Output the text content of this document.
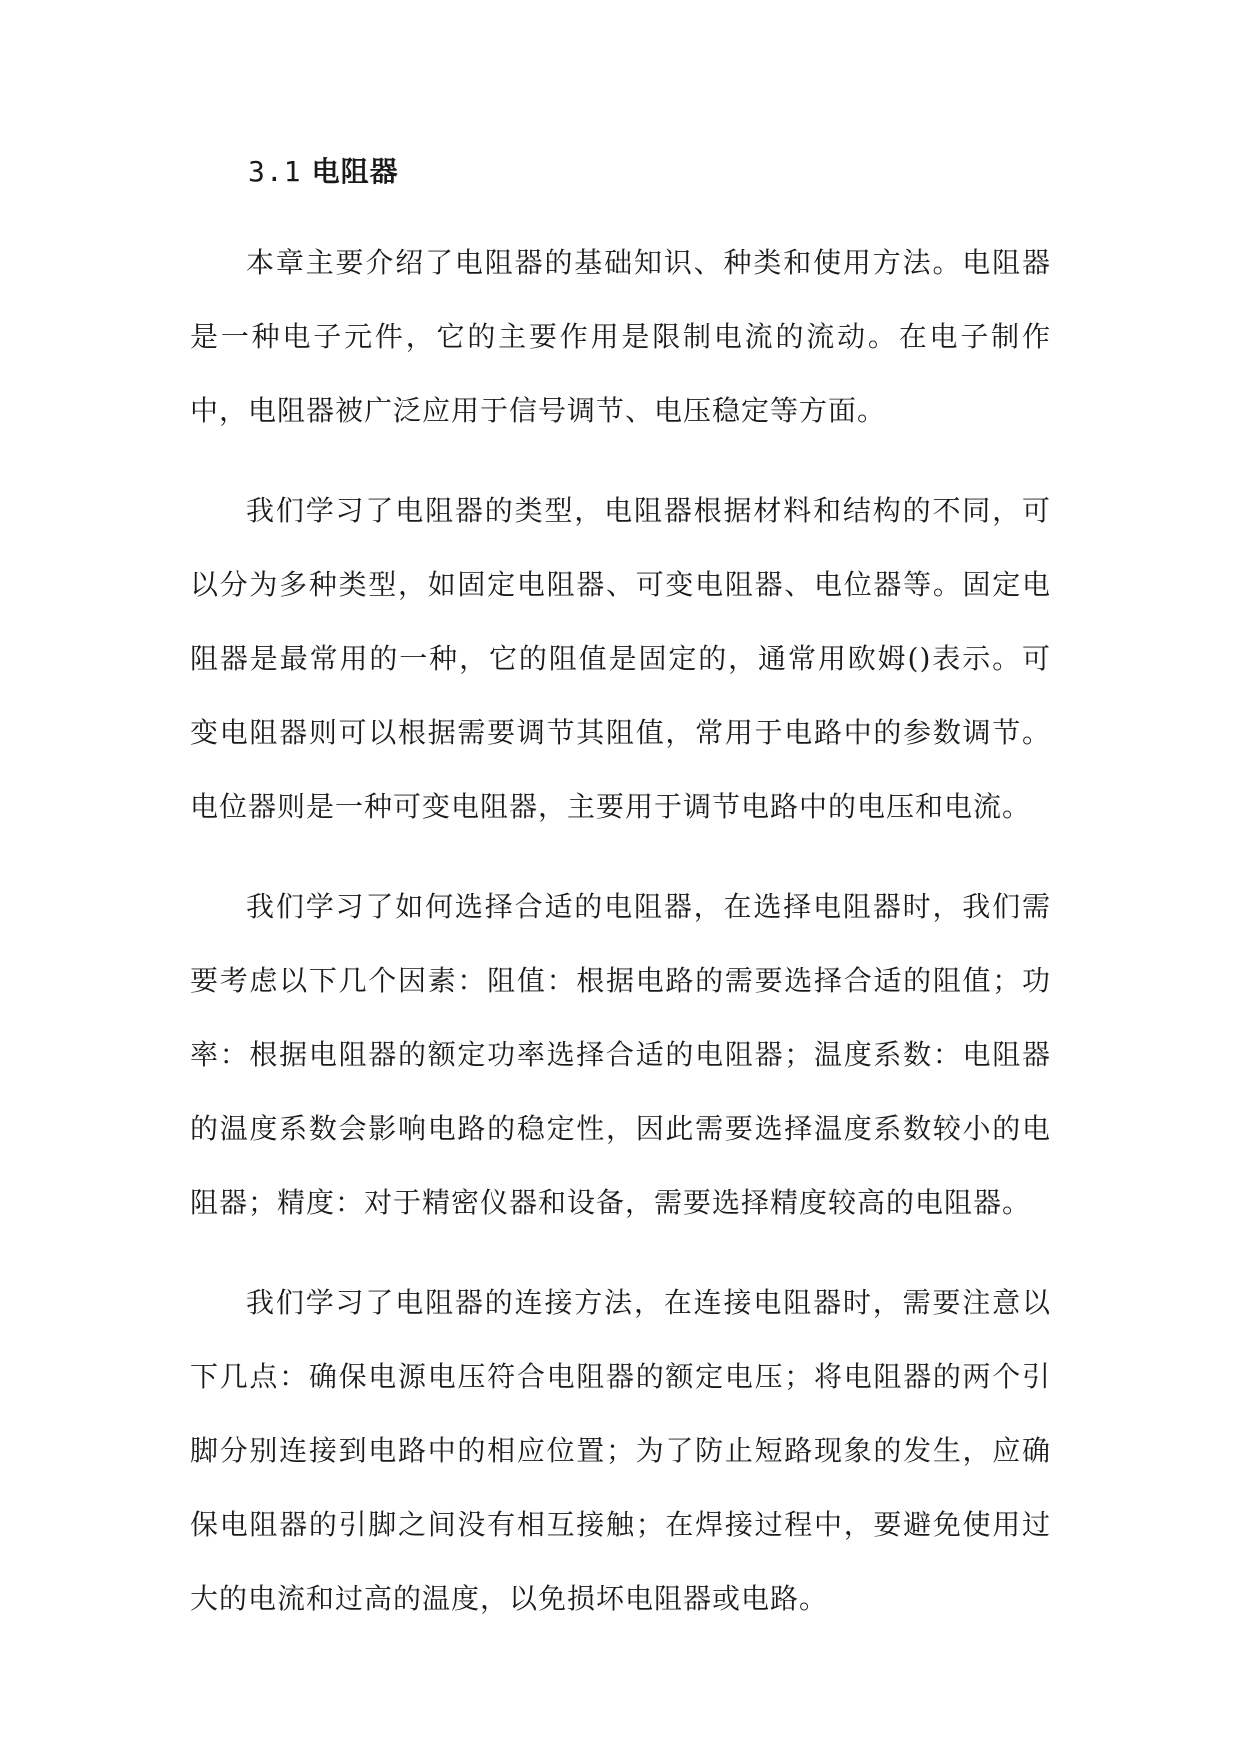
3.1 电阻器

本章主要介绍了电阻器的基础知识、种类和使用方法。电阻器是一种电子元件，它的主要作用是限制电流的流动。在电子制作中，电阻器被广泛应用于信号调节、电压稳定等方面。

我们学习了电阻器的类型，电阻器根据材料和结构的不同，可以分为多种类型，如固定电阻器、可变电阻器、电位器等。固定电阻器是最常用的一种，它的阻值是固定的，通常用欧姆()表示。可变电阻器则可以根据需要调节其阻值，常用于电路中的参数调节。电位器则是一种可变电阻器，主要用于调节电路中的电压和电流。

我们学习了如何选择合适的电阻器，在选择电阻器时，我们需要考虑以下几个因素：阻值：根据电路的需要选择合适的阻值；功率：根据电阻器的额定功率选择合适的电阻器；温度系数：电阻器的温度系数会影响电路的稳定性，因此需要选择温度系数较小的电阻器；精度：对于精密仪器和设备，需要选择精度较高的电阻器。

我们学习了电阻器的连接方法，在连接电阻器时，需要注意以下几点：确保电源电压符合电阻器的额定电压；将电阻器的两个引脚分别连接到电路中的相应位置；为了防止短路现象的发生，应确保电阻器的引脚之间没有相互接触；在焊接过程中，要避免使用过大的电流和过高的温度，以免损坏电阻器或电路。
